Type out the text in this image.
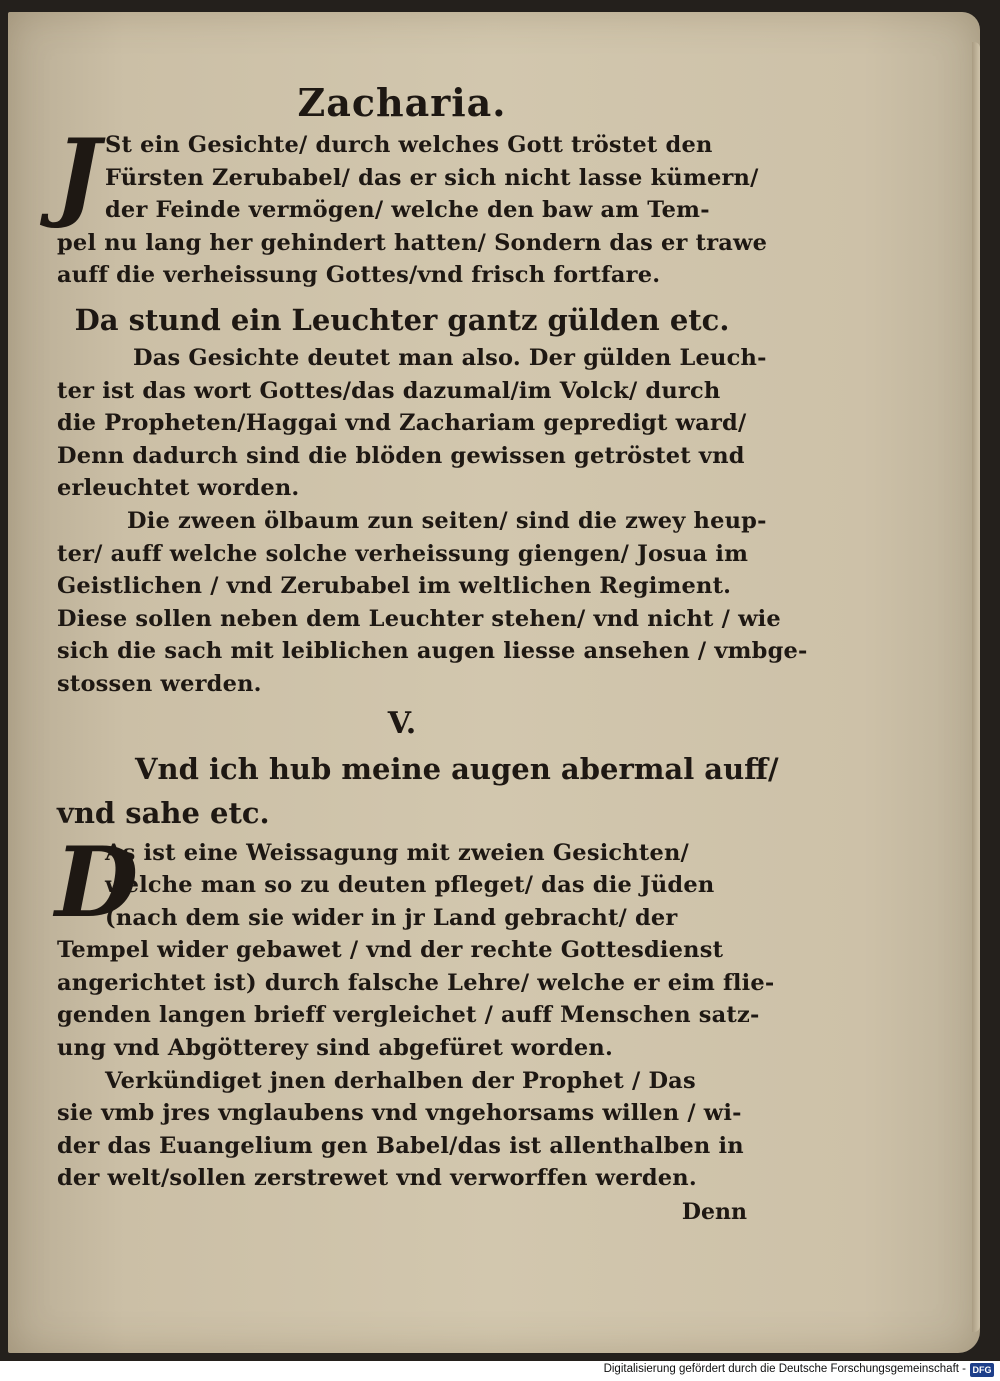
Zacharia.
J St ein Gesichte/ durch welches Gott tröstet den
Fürsten Zerubabel/ das er sich nicht lasse kümern/
der Feinde vermögen/ welche den baw am Tem-
pel nu lang her gehindert hatten/ Sondern das er trawe
auff die verheissung Gottes/vnd frisch fortfare.
Da stund ein Leuchter gantz gülden etc.
Das Gesichte deutet man also. Der gülden Leuch-
ter ist das wort Gottes/das dazumal/im Volck/ durch
die Propheten/Haggai vnd Zachariam gepredigt ward/
Denn dadurch sind die blöden gewissen getröstet vnd
erleuchtet worden.
Die zween ölbaum zun seiten/ sind die zwey heup-
ter/ auff welche solche verheissung giengen/ Josua im
Geistlichen / vnd Zerubabel im weltlichen Regiment.
Diese sollen neben dem Leuchter stehen/ vnd nicht / wie
sich die sach mit leiblichen augen liesse ansehen / vmbge-
stossen werden.
V.
Vnd ich hub meine augen abermal auff/
vnd sahe etc.
D
As ist eine Weissagung mit zweien Gesichten/
welche man so zu deuten pfleget/ das die Jüden
(nach dem sie wider in jr Land gebracht/ der
Tempel wider gebawet / vnd der rechte Gottesdienst
angerichtet ist) durch falsche Lehre/ welche er eim flie-
genden langen brieff vergleichet / auff Menschen satz-
ung vnd Abgötterey sind abgefüret worden.
Verkündiget jnen derhalben der Prophet / Das
sie vmb jres vnglaubens vnd vngehorsams willen / wi-
der das Euangelium gen Babel/das ist allenthalben in
der welt/sollen zerstrewet vnd verworffen werden.
Denn
Digitalisierung gefördert durch die Deutsche Forschungsgemeinschaft - DFG
